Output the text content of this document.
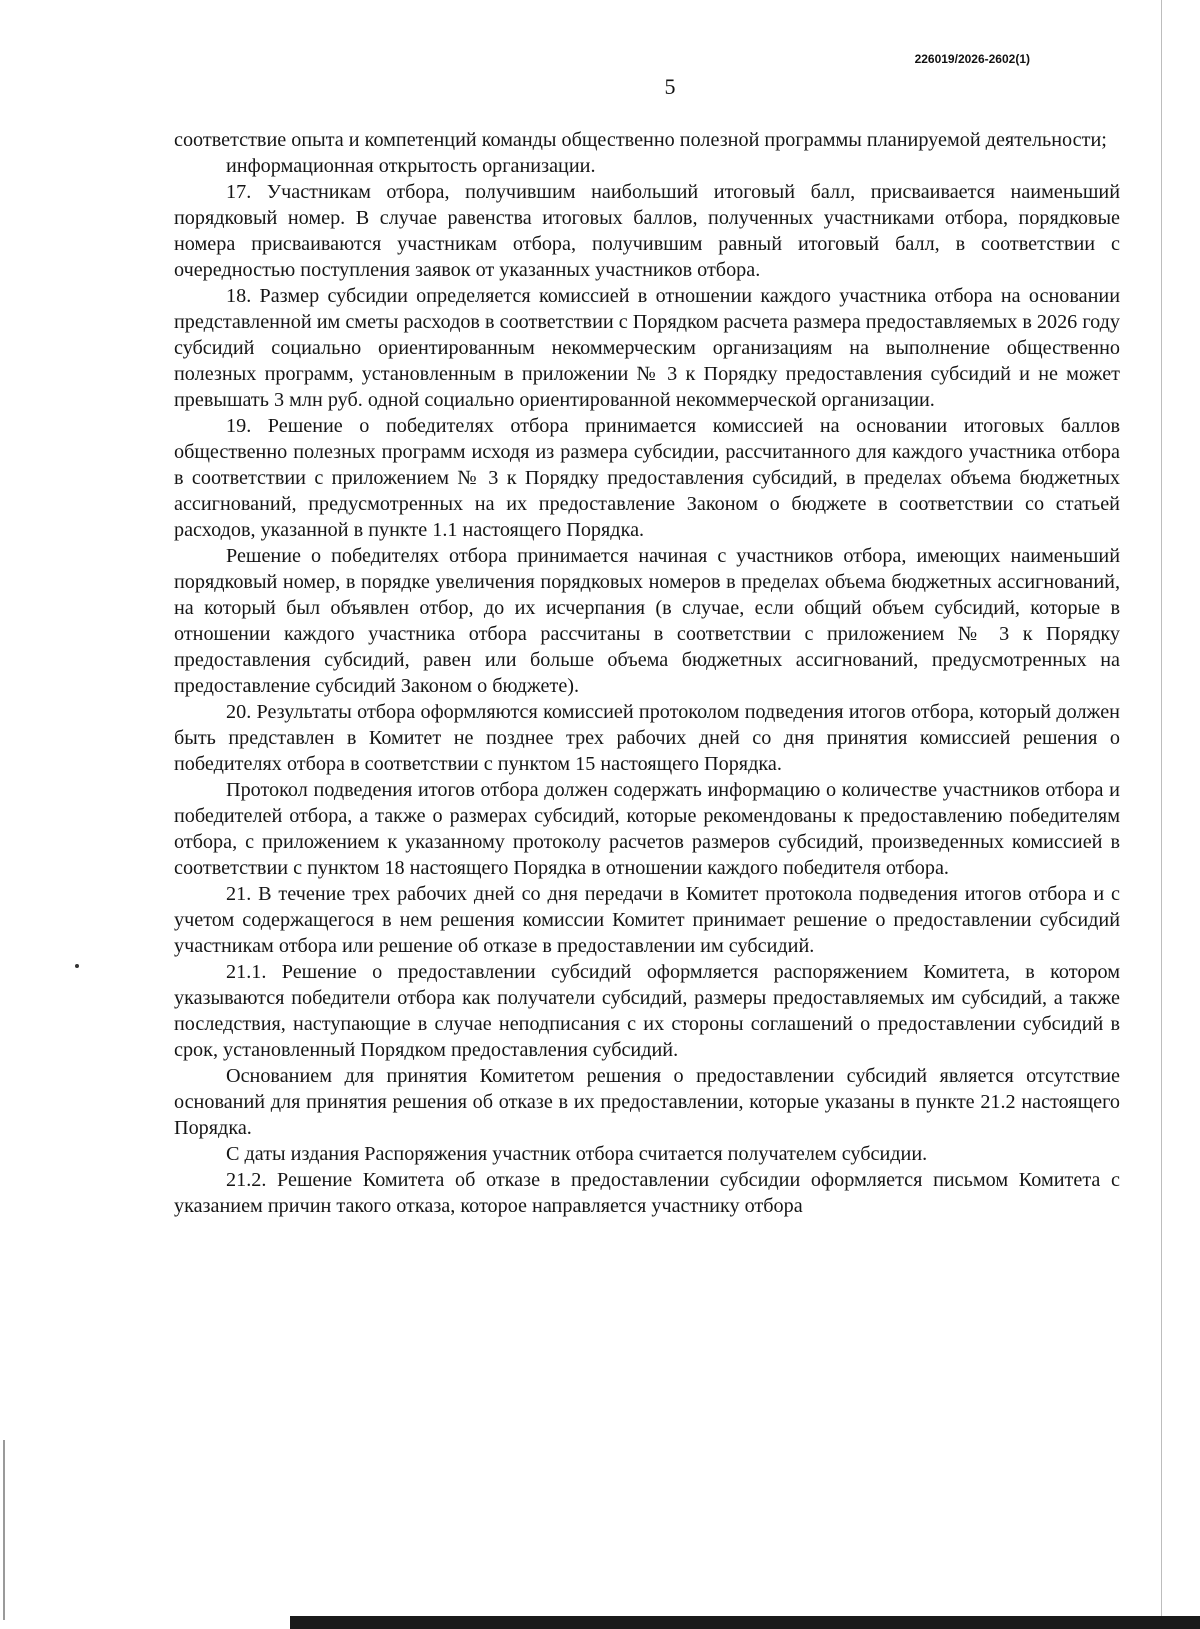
226019/2026-2602(1)
5

соответствие опыта и компетенций команды общественно полезной программы планируемой деятельности;

информационная открытость организации.

17. Участникам отбора, получившим наибольший итоговый балл, присваивается наименьший порядковый номер. В случае равенства итоговых баллов, полученных участниками отбора, порядковые номера присваиваются участникам отбора, получившим равный итоговый балл, в соответствии с очередностью поступления заявок от указанных участников отбора.

18. Размер субсидии определяется комиссией в отношении каждого участника отбора на основании представленной им сметы расходов в соответствии с Порядком расчета размера предоставляемых в 2026 году субсидий социально ориентированным некоммерческим организациям на выполнение общественно полезных программ, установленным в приложении № 3 к Порядку предоставления субсидий и не может превышать 3 млн руб. одной социально ориентированной некоммерческой организации.

19. Решение о победителях отбора принимается комиссией на основании итоговых баллов общественно полезных программ исходя из размера субсидии, рассчитанного для каждого участника отбора в соответствии с приложением № 3 к Порядку предоставления субсидий, в пределах объема бюджетных ассигнований, предусмотренных на их предоставление Законом о бюджете в соответствии со статьей расходов, указанной в пункте 1.1 настоящего Порядка.

Решение о победителях отбора принимается начиная с участников отбора, имеющих наименьший порядковый номер, в порядке увеличения порядковых номеров в пределах объема бюджетных ассигнований, на который был объявлен отбор, до их исчерпания (в случае, если общий объем субсидий, которые в отношении каждого участника отбора рассчитаны в соответствии с приложением № 3 к Порядку предоставления субсидий, равен или больше объема бюджетных ассигнований, предусмотренных на предоставление субсидий Законом о бюджете).

20. Результаты отбора оформляются комиссией протоколом подведения итогов отбора, который должен быть представлен в Комитет не позднее трех рабочих дней со дня принятия комиссией решения о победителях отбора в соответствии с пунктом 15 настоящего Порядка.

Протокол подведения итогов отбора должен содержать информацию о количестве участников отбора и победителей отбора, а также о размерах субсидий, которые рекомендованы к предоставлению победителям отбора, с приложением к указанному протоколу расчетов размеров субсидий, произведенных комиссией в соответствии с пунктом 18 настоящего Порядка в отношении каждого победителя отбора.

21. В течение трех рабочих дней со дня передачи в Комитет протокола подведения итогов отбора и с учетом содержащегося в нем решения комиссии Комитет принимает решение о предоставлении субсидий участникам отбора или решение об отказе в предоставлении им субсидий.

21.1. Решение о предоставлении субсидий оформляется распоряжением Комитета, в котором указываются победители отбора как получатели субсидий, размеры предоставляемых им субсидий, а также последствия, наступающие в случае неподписания с их стороны соглашений о предоставлении субсидий в срок, установленный Порядком предоставления субсидий.

Основанием для принятия Комитетом решения о предоставлении субсидий является отсутствие оснований для принятия решения об отказе в их предоставлении, которые указаны в пункте 21.2 настоящего Порядка.

С даты издания Распоряжения участник отбора считается получателем субсидии.

21.2. Решение Комитета об отказе в предоставлении субсидии оформляется письмом Комитета с указанием причин такого отказа, которое направляется участнику отбора
